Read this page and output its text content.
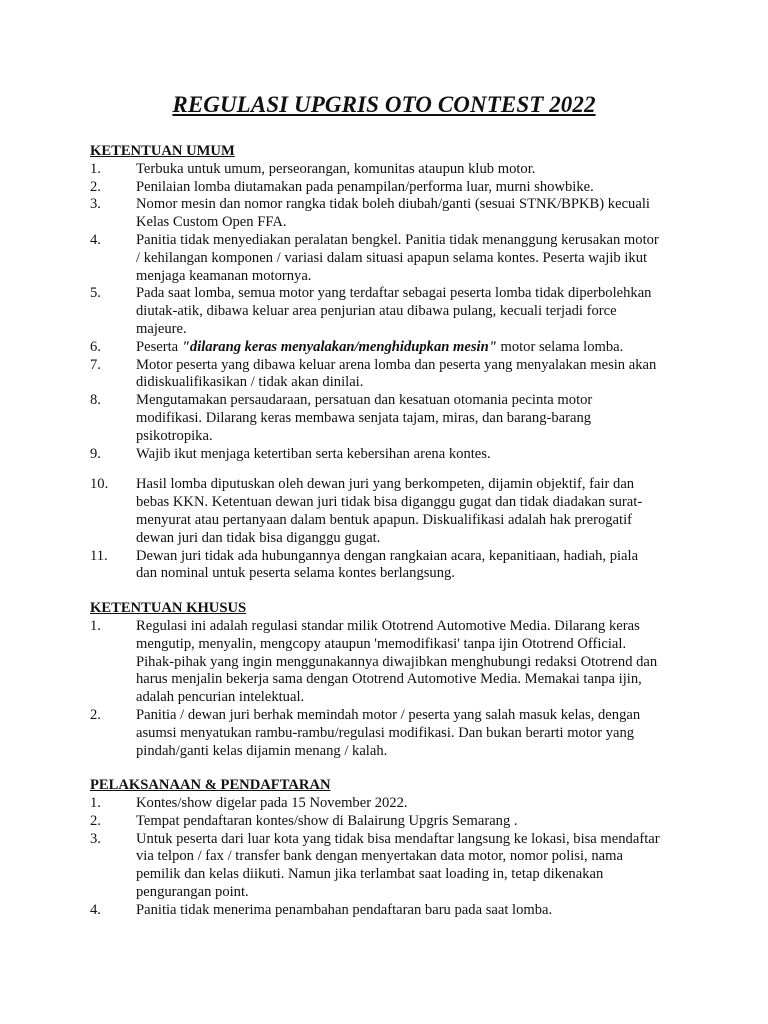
REGULASI UPGRIS OTO CONTEST 2022
KETENTUAN UMUM
1. Terbuka untuk umum, perseorangan, komunitas ataupun klub motor.
2. Penilaian lomba diutamakan pada penampilan/performa luar, murni showbike.
3. Nomor mesin dan nomor rangka tidak boleh diubah/ganti (sesuai STNK/BPKB) kecuali
Kelas Custom Open FFA.
4. Panitia tidak menyediakan peralatan bengkel. Panitia tidak menanggung kerusakan motor
/ kehilangan komponen / variasi dalam situasi apapun selama kontes. Peserta wajib ikut
menjaga keamanan motornya.
5. Pada saat lomba, semua motor yang terdaftar sebagai peserta lomba tidak diperbolehkan
diutak-atik, dibawa keluar area penjurian atau dibawa pulang, kecuali terjadi force
majeure.
6. Peserta "dilarang keras menyalakan/menghidupkan mesin" motor selama lomba.
7. Motor peserta yang dibawa keluar arena lomba dan peserta yang menyalakan mesin akan
didiskualifikasikan / tidak akan dinilai.
8. Mengutamakan persaudaraan, persatuan dan kesatuan otomania pecinta motor
modifikasi. Dilarang keras membawa senjata tajam, miras, dan barang-barang
psikotropika.
9. Wajib ikut menjaga ketertiban serta kebersihan arena kontes.
10. Hasil lomba diputuskan oleh dewan juri yang berkompeten, dijamin objektif, fair dan
bebas KKN. Ketentuan dewan juri tidak bisa diganggu gugat dan tidak diadakan surat-
menyurat atau pertanyaan dalam bentuk apapun. Diskualifikasi adalah hak prerogatif
dewan juri dan tidak bisa diganggu gugat.
11. Dewan juri tidak ada hubungannya dengan rangkaian acara, kepanitiaan, hadiah, piala
dan nominal untuk peserta selama kontes berlangsung.
KETENTUAN KHUSUS
1. Regulasi ini adalah regulasi standar milik Ototrend Automotive Media. Dilarang keras
mengutip, menyalin, mengcopy ataupun 'memodifikasi' tanpa ijin Ototrend Official.
Pihak-pihak yang ingin menggunakannya diwajibkan menghubungi redaksi Ototrend dan
harus menjalin bekerja sama dengan Ototrend Automotive Media. Memakai tanpa ijin,
adalah pencurian intelektual.
2. Panitia / dewan juri berhak memindah motor / peserta yang salah masuk kelas, dengan
asumsi menyatukan rambu-rambu/regulasi modifikasi. Dan bukan berarti motor yang
pindah/ganti kelas dijamin menang / kalah.
PELAKSANAAN & PENDAFTARAN
1. Kontes/show digelar pada 15 November 2022.
2. Tempat pendaftaran kontes/show di Balairung Upgris Semarang .
3. Untuk peserta dari luar kota yang tidak bisa mendaftar langsung ke lokasi, bisa mendaftar
via telpon / fax / transfer bank dengan menyertakan data motor, nomor polisi, nama
pemilik dan kelas diikuti. Namun jika terlambat saat loading in, tetap dikenakan
pengurangan point.
4. Panitia tidak menerima penambahan pendaftaran baru pada saat lomba.
